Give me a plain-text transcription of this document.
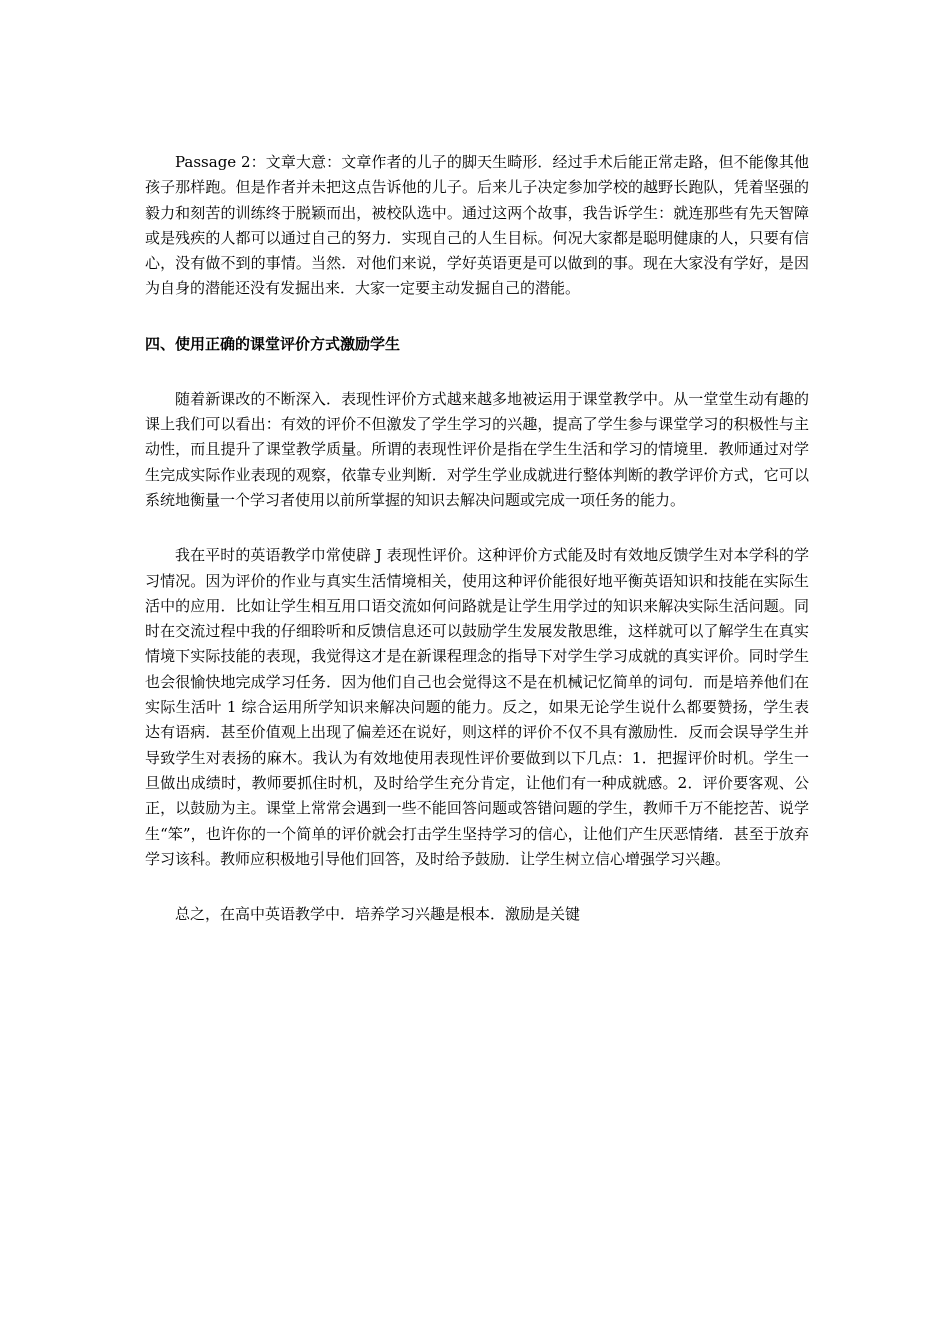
Passage 2：文章大意：文章作者的儿子的脚天生畸形．经过手术后能正常走路，但不能像其他孩子那样跑。但是作者并未把这点告诉他的儿子。后来儿子决定参加学校的越野长跑队，凭着坚强的毅力和刻苦的训练终于脱颖而出，被校队选中。通过这两个故事，我告诉学生：就连那些有先天智障或是残疾的人都可以通过自己的努力．实现自己的人生目标。何况大家都是聪明健康的人，只要有信心，没有做不到的事情。当然．对他们来说，学好英语更是可以做到的事。现在大家没有学好，是因为自身的潜能还没有发掘出来．大家一定要主动发掘自己的潜能。

四、使用正确的课堂评价方式激励学生

随着新课改的不断深入．表现性评价方式越来越多地被运用于课堂教学中。从一堂堂生动有趣的课上我们可以看出：有效的评价不但激发了学生学习的兴趣，提高了学生参与课堂学习的积极性与主动性，而且提升了课堂教学质量。所谓的表现性评价是指在学生生活和学习的情境里．教师通过对学生完成实际作业表现的观察，依靠专业判断．对学生学业成就进行整体判断的教学评价方式，它可以系统地衡量一个学习者使用以前所掌握的知识去解决问题或完成一项任务的能力。

我在平时的英语教学巾常使辟 J 表现性评价。这种评价方式能及时有效地反馈学生对本学科的学习情况。因为评价的作业与真实生活情境相关，使用这种评价能很好地平衡英语知识和技能在实际生活中的应用．比如让学生相互用口语交流如何问路就是让学生用学过的知识来解决实际生活问题。同时在交流过程中我的仔细聆听和反馈信息还可以鼓励学生发展发散思维，这样就可以了解学生在真实情境下实际技能的表现，我觉得这才是在新课程理念的指导下对学生学习成就的真实评价。同时学生也会很愉快地完成学习任务．因为他们自己也会觉得这不是在机械记忆简单的词句．而是培养他们在实际生活叶 1 综合运用所学知识来解决问题的能力。反之，如果无论学生说什么都要赞扬，学生表达有语病．甚至价值观上出现了偏差还在说好，则这样的评价不仅不具有激励性．反而会误导学生并导致学生对表扬的麻木。我认为有效地使用表现性评价要做到以下几点：1．把握评价时机。学生一旦做出成绩时，教师要抓住时机，及时给学生充分肯定，让他们有一种成就感。2．评价要客观、公正，以鼓励为主。课堂上常常会遇到一些不能回答问题或答错问题的学生，教师千万不能挖苦、说学生“笨”，也许你的一个简单的评价就会打击学生坚持学习的信心，让他们产生厌恶情绪．甚至于放弃学习该科。教师应积极地引导他们回答，及时给予鼓励．让学生树立信心增强学习兴趣。

总之，在高中英语教学中．培养学习兴趣是根本．激励是关键
